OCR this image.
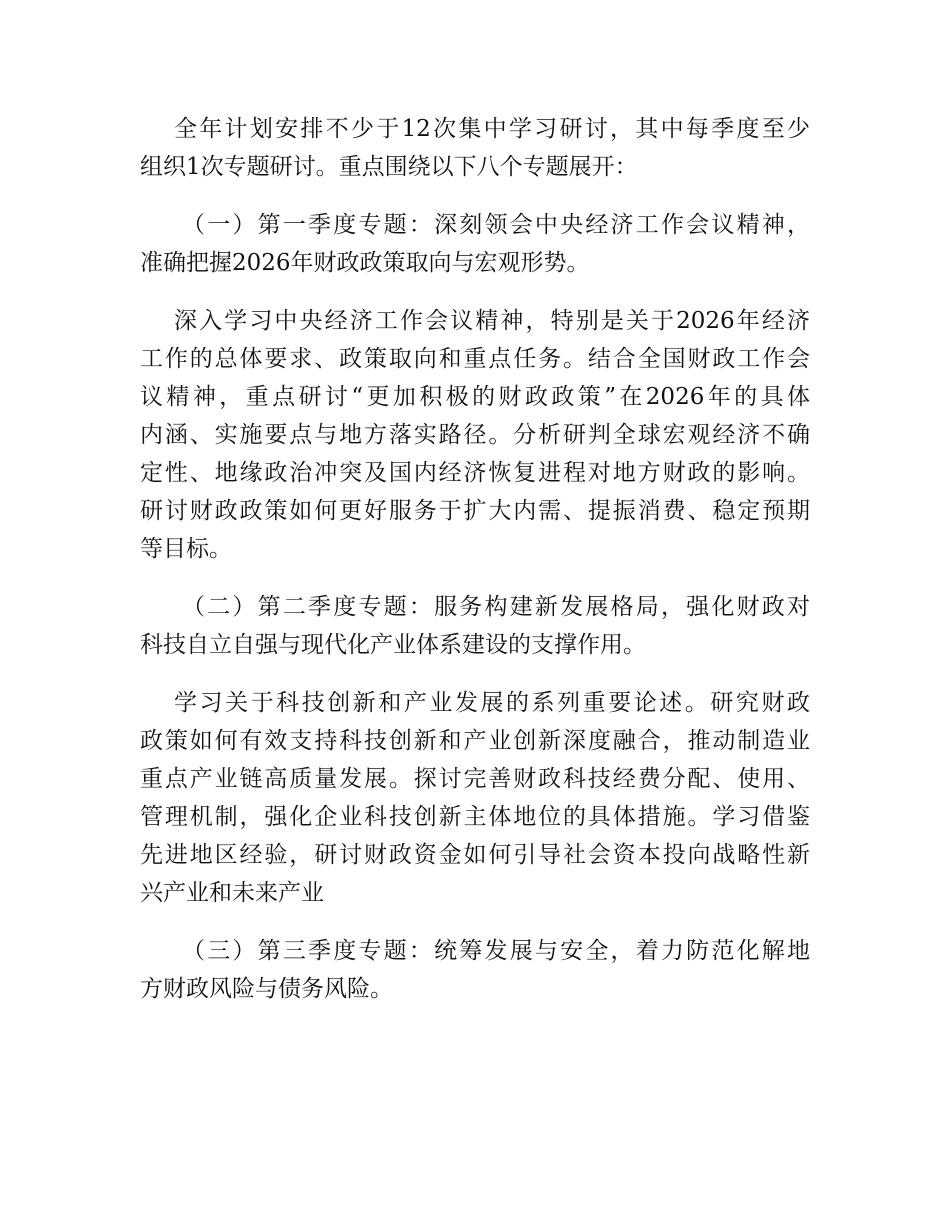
全年计划安排不少于12次集中学习研讨，其中每季度至少
组织1次专题研讨。重点围绕以下八个专题展开：
（一）第一季度专题：深刻领会中央经济工作会议精神，
准确把握2026年财政政策取向与宏观形势。
深入学习中央经济工作会议精神，特别是关于2026年经济
工作的总体要求、政策取向和重点任务。结合全国财政工作会
议精神，重点研讨“更加积极的财政政策”在2026年的具体
内涵、实施要点与地方落实路径。分析研判全球宏观经济不确
定性、地缘政治冲突及国内经济恢复进程对地方财政的影响。
研讨财政政策如何更好服务于扩大内需、提振消费、稳定预期
等目标。
（二）第二季度专题：服务构建新发展格局，强化财政对
科技自立自强与现代化产业体系建设的支撑作用。
学习关于科技创新和产业发展的系列重要论述。研究财政
政策如何有效支持科技创新和产业创新深度融合，推动制造业
重点产业链高质量发展。探讨完善财政科技经费分配、使用、
管理机制，强化企业科技创新主体地位的具体措施。学习借鉴
先进地区经验，研讨财政资金如何引导社会资本投向战略性新
兴产业和未来产业
（三）第三季度专题：统筹发展与安全，着力防范化解地
方财政风险与债务风险。
